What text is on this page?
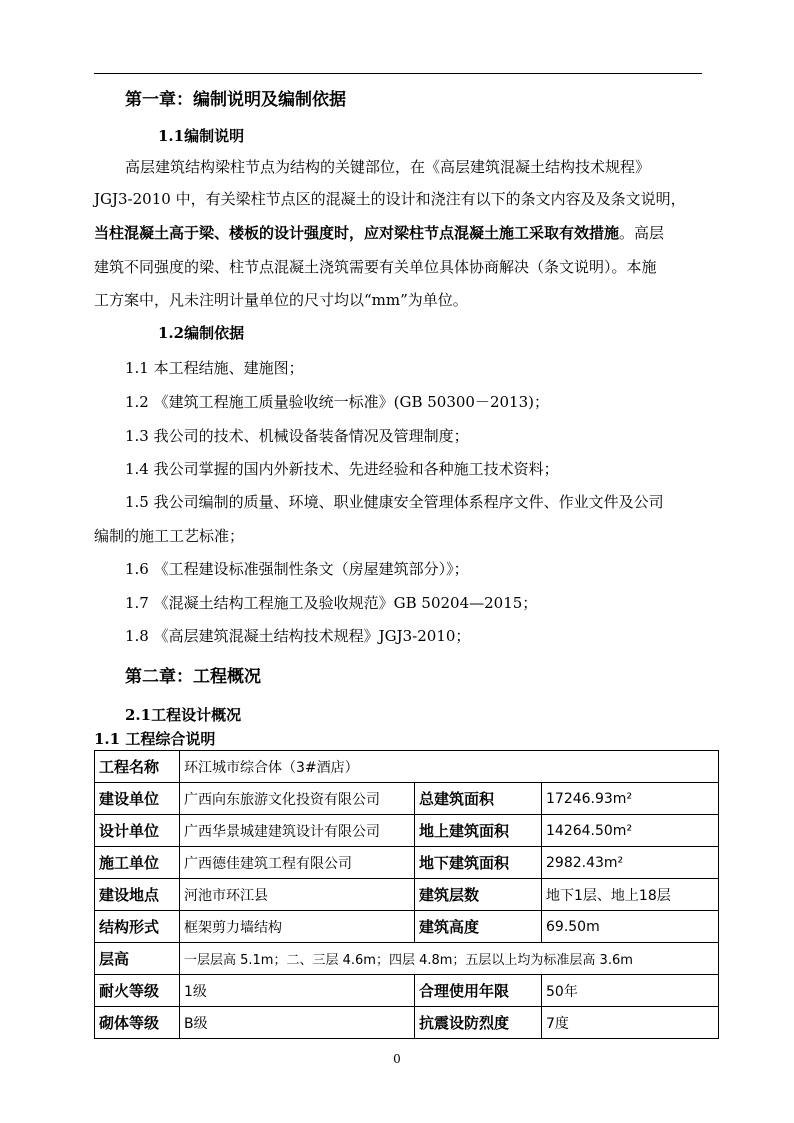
第一章：编制说明及编制依据
1.1编制说明
高层建筑结构梁柱节点为结构的关键部位，在《高层建筑混凝土结构技术规程》
JGJ3-2010 中，有关梁柱节点区的混凝土的设计和浇注有以下的条文内容及及条文说明，
当柱混凝土高于梁、楼板的设计强度时，应对梁柱节点混凝土施工采取有效措施。高层
建筑不同强度的梁、柱节点混凝土浇筑需要有关单位具体协商解决（条文说明）。本施
工方案中，凡未注明计量单位的尺寸均以“mm”为单位。
1.2编制依据
1.1 本工程结施、建施图；
1.2 《建筑工程施工质量验收统一标准》(GB 50300－2013)；
1.3 我公司的技术、机械设备装备情况及管理制度；
1.4 我公司掌握的国内外新技术、先进经验和各种施工技术资料；
1.5 我公司编制的质量、环境、职业健康安全管理体系程序文件、作业文件及公司
编制的施工工艺标准；
1.6 《工程建设标准强制性条文（房屋建筑部分）》；
1.7 《混凝土结构工程施工及验收规范》GB 50204—2015；
1.8 《高层建筑混凝土结构技术规程》JGJ3-2010；
第二章：工程概况
2.1工程设计概况
1.1 工程综合说明
工程名称	环江城市综合体（3#酒店）		
建设单位	广西向东旅游文化投资有限公司	总建筑面积	17246.93m²
设计单位	广西华景城建建筑设计有限公司	地上建筑面积	14264.50m²
施工单位	广西德佳建筑工程有限公司	地下建筑面积	2982.43m²
建设地点	河池市环江县	建筑层数	地下1层、地上18层
结构形式	框架剪力墙结构	建筑高度	69.50m
层高	一层层高 5.1m；二、三层 4.6m；四层 4.8m；五层以上均为标准层高 3.6m		
耐火等级	1级	合理使用年限	50年
砌体等级	B级	抗震设防烈度	7度
0
